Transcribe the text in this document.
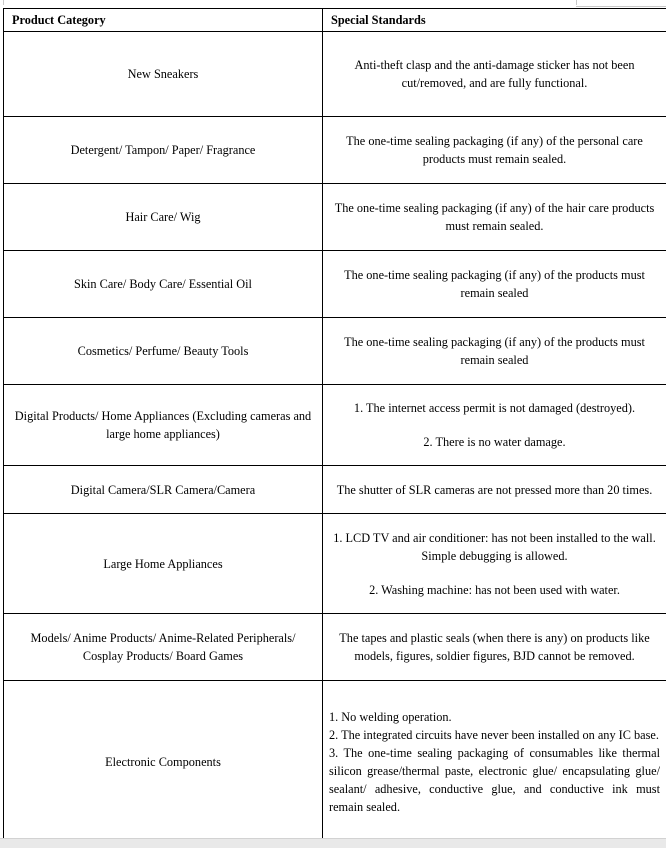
Product Category	Special Standards
New Sneakers	Anti-theft clasp and the anti-damage sticker has not been cut/removed, and are fully functional.

Detergent/ Tampon/ Paper/ Fragrance	The one-time sealing packaging (if any) of the personal care products must remain sealed.

Hair Care/ Wig	The one-time sealing packaging (if any) of the hair care products must remain sealed.

Skin Care/ Body Care/ Essential Oil	The one-time sealing packaging (if any) of the products must remain sealed

Cosmetics/ Perfume/ Beauty Tools	The one-time sealing packaging (if any) of the products must remain sealed

Digital Products/ Home Appliances (Excluding cameras and large home appliances)	1. The internet access permit is not damaged (destroyed).

2. There is no water damage.

Digital Camera/SLR Camera/Camera	The shutter of SLR cameras are not pressed more than 20 times.

Large Home Appliances	1. LCD TV and air conditioner: has not been installed to the wall. Simple debugging is allowed.

2. Washing machine: has not been used with water.

Models/ Anime Products/ Anime-Related Peripherals/ Cosplay Products/ Board Games	The tapes and plastic seals (when there is any) on products like models, figures, soldier figures, BJD cannot be removed.

Electronic Components	1. No welding operation.

2. The integrated circuits have never been installed on any IC base.

3. The one-time sealing packaging of consumables like thermal silicon grease/thermal paste, electronic glue/ encapsulating glue/ sealant/ adhesive, conductive glue, and conductive ink must remain sealed.
